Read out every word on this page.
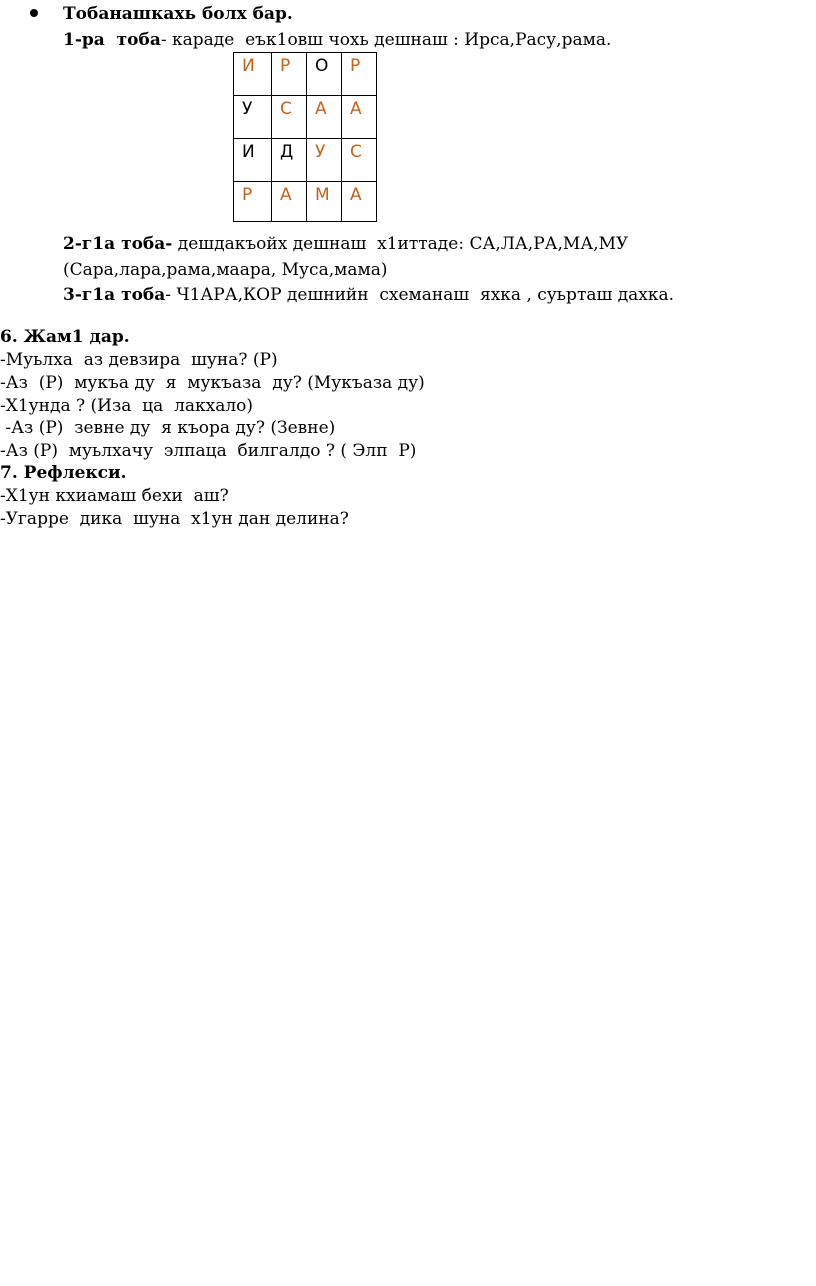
Тобанашкахь болх бар.
1-ра  тоба- караде  еък1овш чохь дешнаш : Ирса,Расу,рама.
И	Р	О	Р
У	С	А	А
И	Д	У	С
Р	А	М	А
2-г1а тоба- дешдакъойх дешнаш  х1иттаде: СА,ЛА,РА,МА,МУ
(Сара,лара,рама,маара, Муса,мама)
3-г1а тоба- Ч1АРА,КОР дешнийн  схеманаш  яхка , суьрташ дахка.
6. Жам1 дар.
-Муьлха  аз девзира  шуна? (Р)
-Аз  (Р)  мукъа ду  я  мукъаза  ду? (Мукъаза ду)
-Х1унда ? (Иза  ца  лакхало)
-Аз (Р)  зевне ду  я къора ду? (Зевне)
-Аз (Р)  муьлхачу  элпаца  билгалдо ? ( Элп  Р)
7. Рефлекси.
-Х1ун кхиамаш бехи  аш?
-Угарре  дика  шуна  х1ун дан делина?
